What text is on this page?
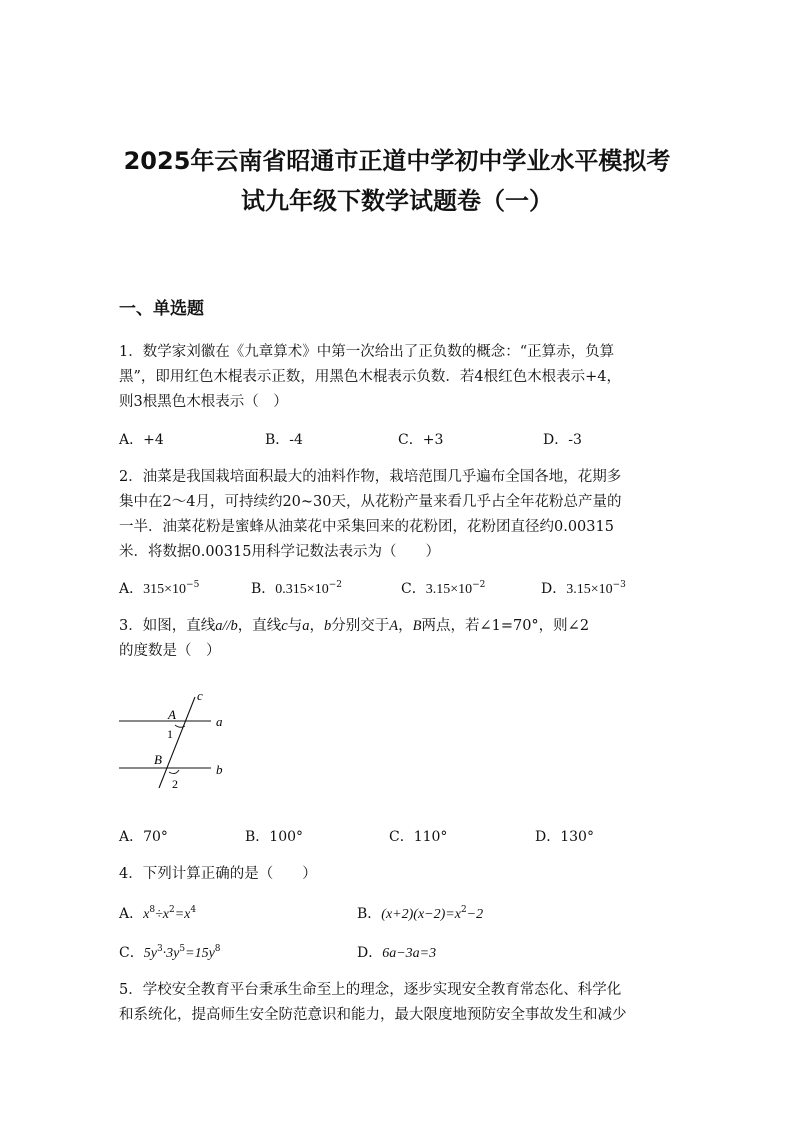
2025年云南省昭通市正道中学初中学业水平模拟考
试九年级下数学试题卷（一）
一、单选题
1．数学家刘徽在《九章算术》中第一次给出了正负数的概念：“正算赤，负算
黑”，即用红色木棍表示正数，用黑色木棍表示负数．若4根红色木根表示+4，
则3根黑色木根表示（　）
A．+4	B．-4	C．+3	D．-3
2．油菜是我国栽培面积最大的油料作物，栽培范围几乎遍布全国各地，花期多
集中在2～4月，可持续约20~30天，从花粉产量来看几乎占全年花粉总产量的
一半．油菜花粉是蜜蜂从油菜花中采集回来的花粉团，花粉团直径约0.00315
米．将数据0.00315用科学记数法表示为（　　）
A．$315\times 10^{-5}$	B．$0.315\times 10^{-2}$	C．$3.15\times 10^{-2}$	D．$3.15\times 10^{-3}$
3．如图，直线a//b，直线c与a，b分别交于A，B两点，若∠1=70°，则∠2
的度数是（　）
c
A	a
1
B
b
2
A．70°	B．100°	C．110°	D．130°
4．下列计算正确的是（　　）
A．$x^8\div x^2=x^4$	B．$(x+2)(x-2)=x^2-2$
C．$5y^3\cdot 3y^5=15y^8$	D．6a−3a=3
5．学校安全教育平台秉承生命至上的理念，逐步实现安全教育常态化、科学化
和系统化，提高师生安全防范意识和能力，最大限度地预防安全事故发生和减少
